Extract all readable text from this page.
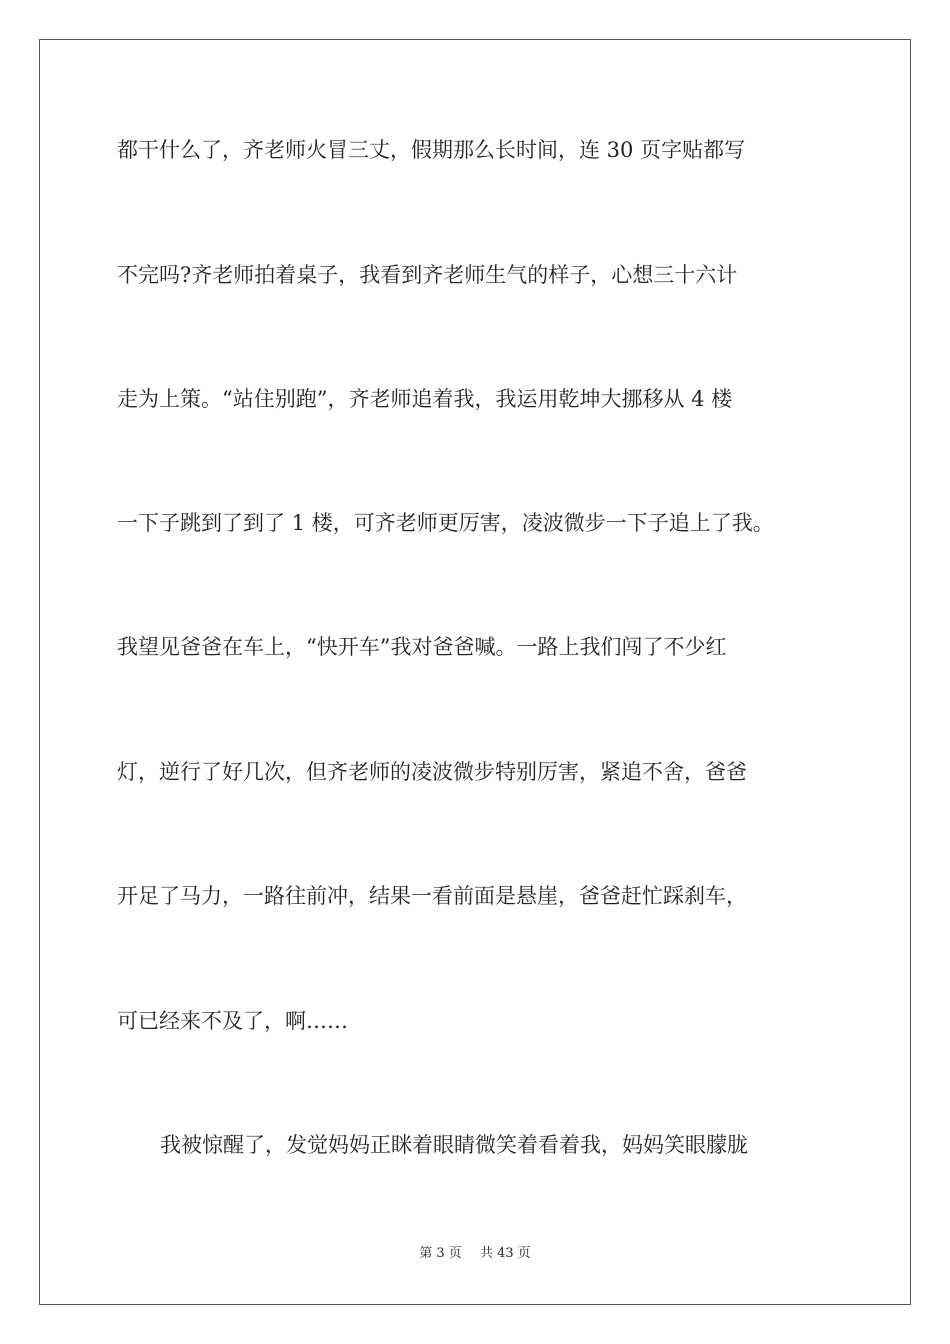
都干什么了，齐老师火冒三丈，假期那么长时间，连 30 页字贴都写
不完吗?齐老师拍着桌子，我看到齐老师生气的样子，心想三十六计
走为上策。“站住别跑”，齐老师追着我，我运用乾坤大挪移从 4 楼
一下子跳到了到了 1 楼，可齐老师更厉害，凌波微步一下子追上了我。
我望见爸爸在车上，“快开车”我对爸爸喊。一路上我们闯了不少红
灯，逆行了好几次，但齐老师的凌波微步特别厉害，紧追不舍，爸爸
开足了马力，一路往前冲，结果一看前面是悬崖，爸爸赶忙踩刹车，
可已经来不及了，啊……
我被惊醒了，发觉妈妈正眯着眼睛微笑着看着我，妈妈笑眼朦胧
第 3 页 共 43 页
